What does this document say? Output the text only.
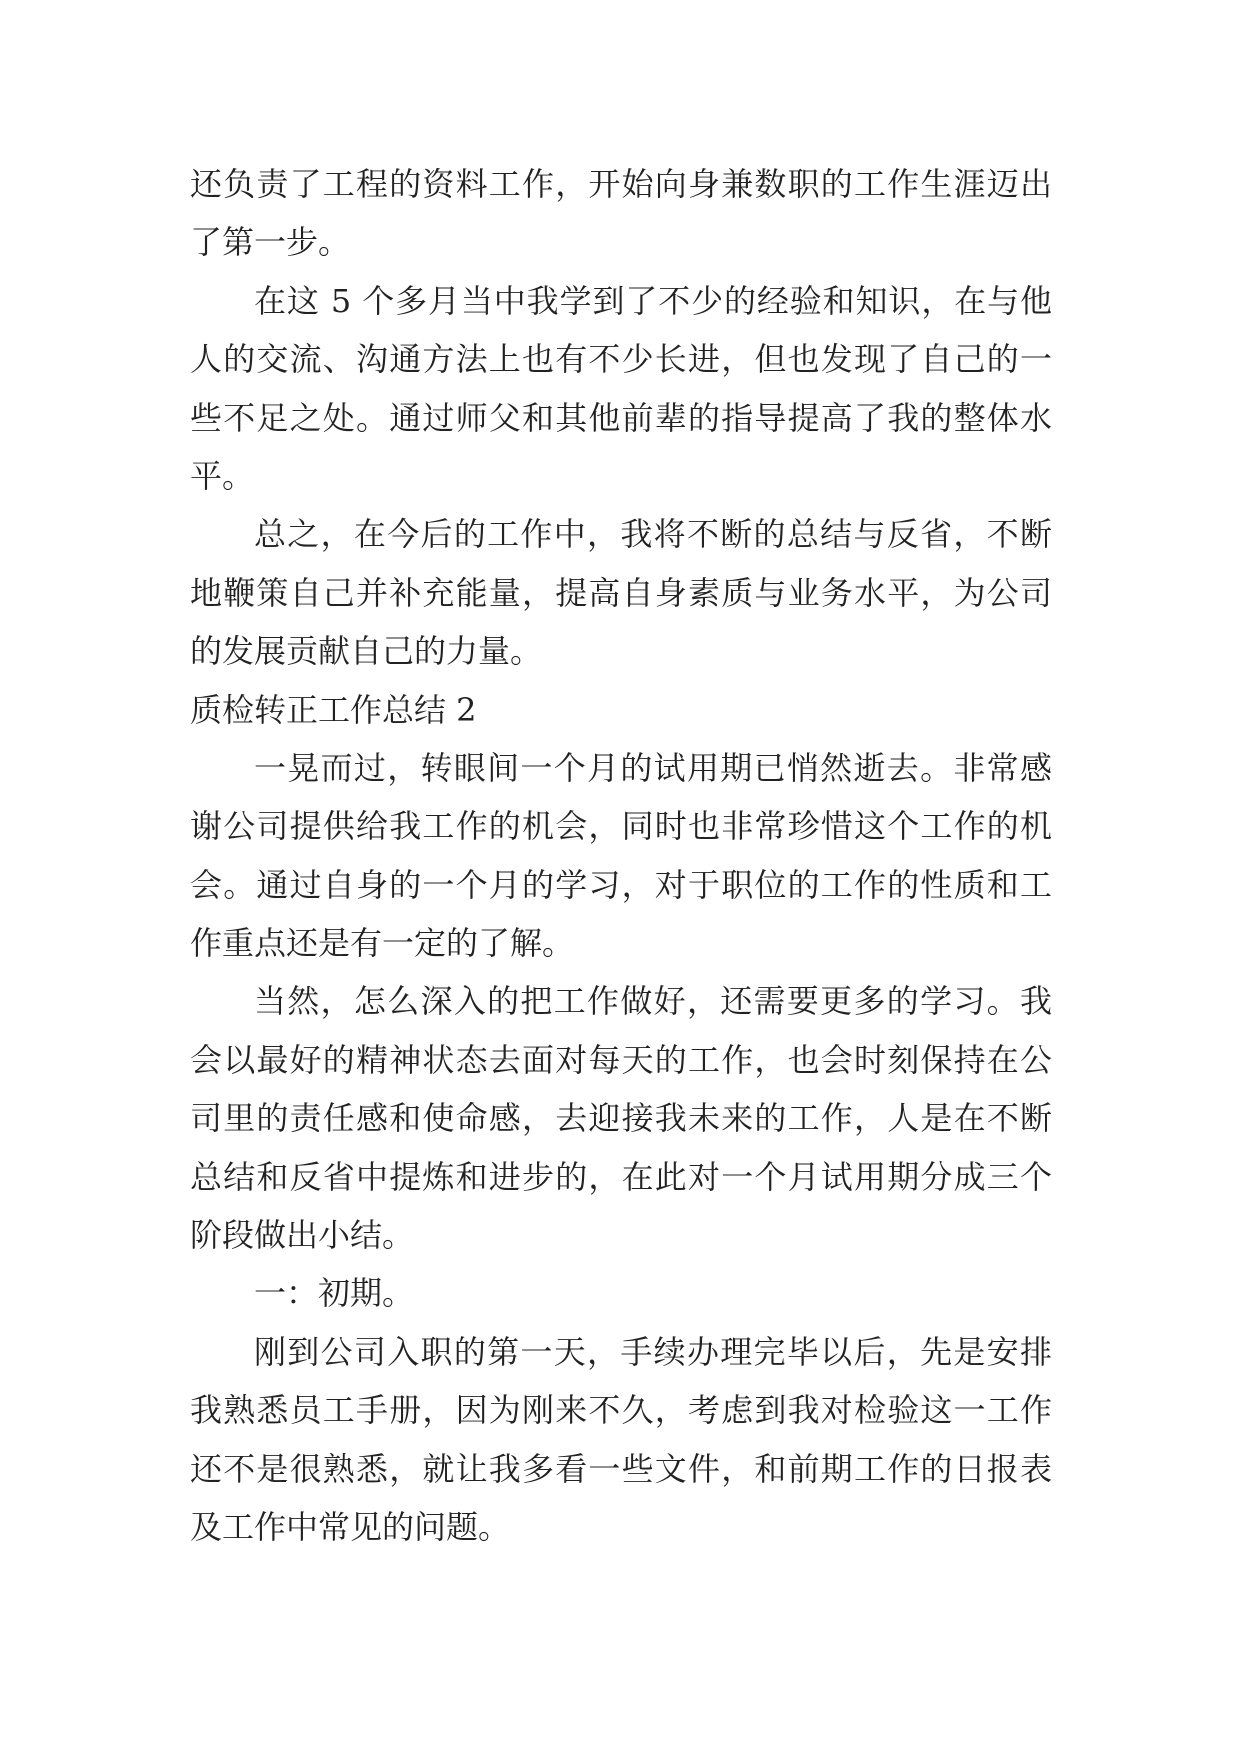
还负责了工程的资料工作，开始向身兼数职的工作生涯迈出
了第一步。
在这 5 个多月当中我学到了不少的经验和知识，在与他
人的交流、沟通方法上也有不少长进，但也发现了自己的一
些不足之处。通过师父和其他前辈的指导提高了我的整体水
平。
总之，在今后的工作中，我将不断的总结与反省，不断
地鞭策自己并补充能量，提高自身素质与业务水平，为公司
的发展贡献自己的力量。
质检转正工作总结 2
一晃而过，转眼间一个月的试用期已悄然逝去。非常感
谢公司提供给我工作的机会，同时也非常珍惜这个工作的机
会。通过自身的一个月的学习，对于职位的工作的性质和工
作重点还是有一定的了解。
当然，怎么深入的把工作做好，还需要更多的学习。我
会以最好的精神状态去面对每天的工作，也会时刻保持在公
司里的责任感和使命感，去迎接我未来的工作，人是在不断
总结和反省中提炼和进步的，在此对一个月试用期分成三个
阶段做出小结。
一：初期。
刚到公司入职的第一天，手续办理完毕以后，先是安排
我熟悉员工手册，因为刚来不久，考虑到我对检验这一工作
还不是很熟悉，就让我多看一些文件，和前期工作的日报表
及工作中常见的问题。
